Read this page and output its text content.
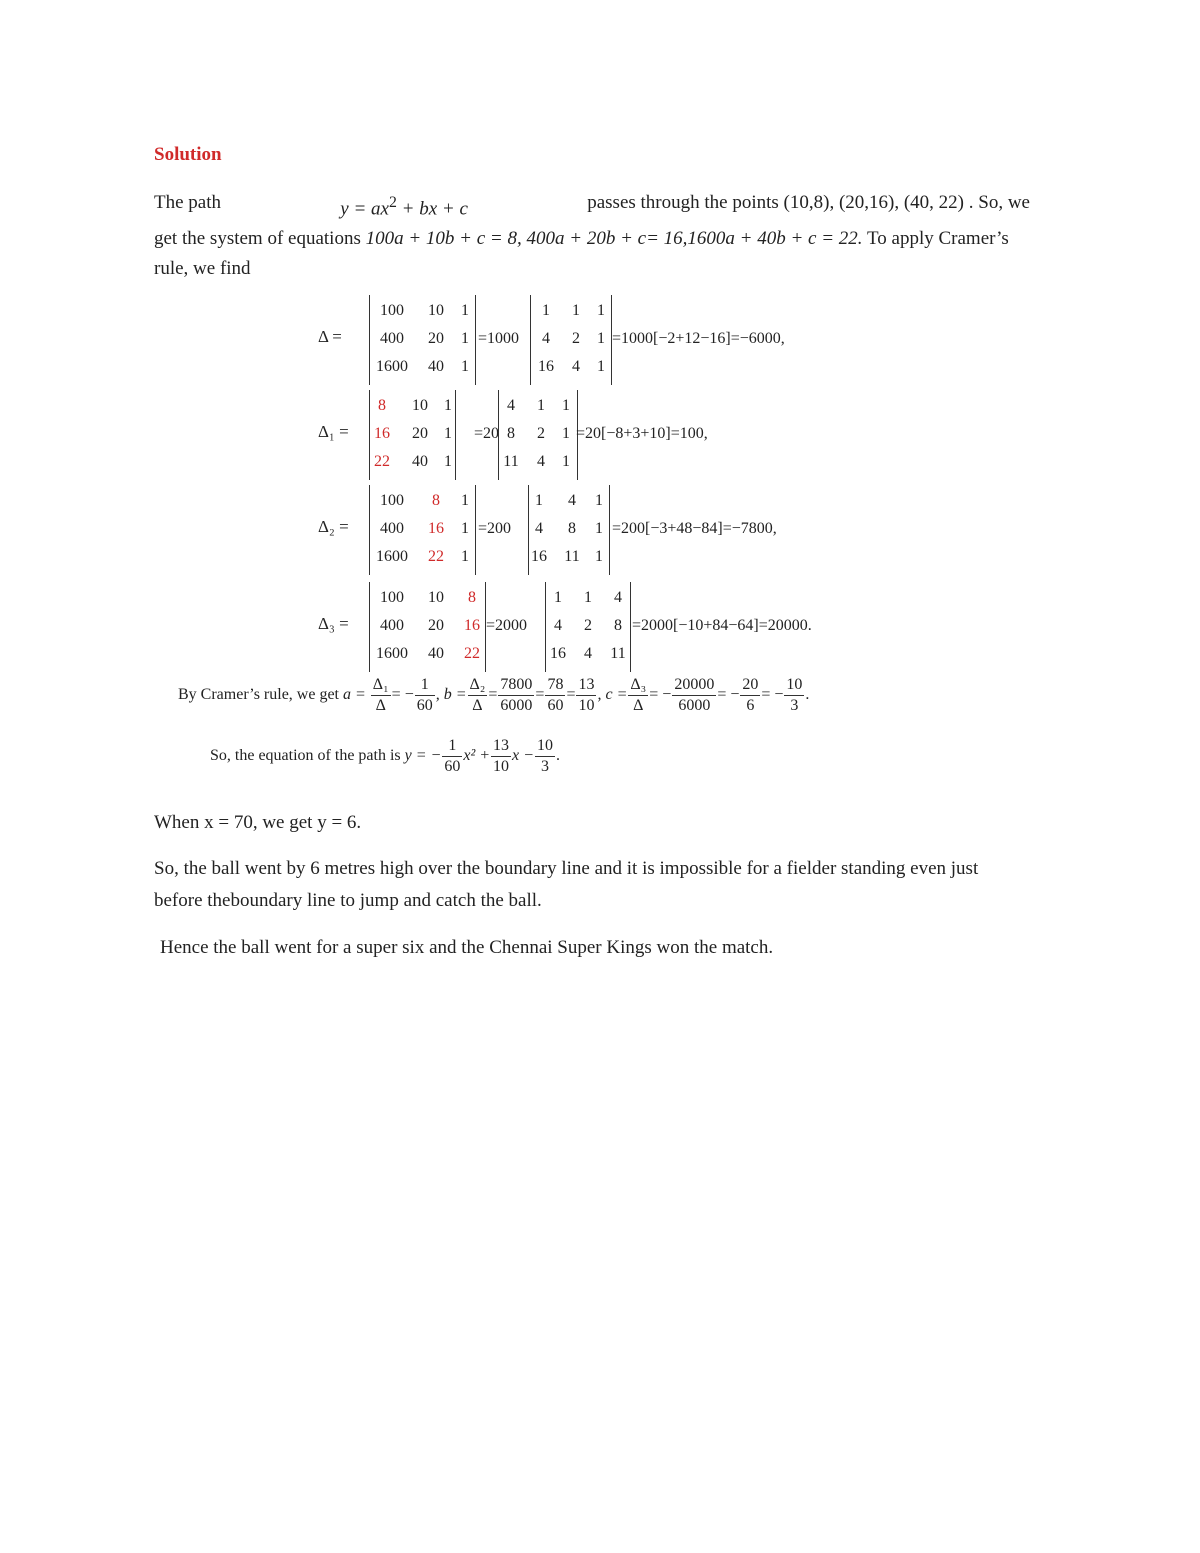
Solution
The path	$y = ax^2$ + bx + c	passes through the points (10,8), (20,16), (40, 22) . So, we
get the system of equations 100a + 10b + c = 8, 400a + 20b + c= 16,1600a + 40b + c = 22. To apply Cramer’s
rule, we find
Δ =
100	10	1
400	20	1
1600	40	1
=1000
1	1	1
4	2	1
16	4	1
=1000[−2+12−16]=−6000,
Δ₁ =
8	10	1
16	20	1
22	40	1
=20
4	1	1
8	2	1
11	4	1
=20[−8+3+10]=100,
Δ₂ =
100	8	1
400	16	1
1600	22	1
=200
1	4	1
4	8	1
16	11 1
=200[−3+48−84]=−7800,
Δ₃ =
100	10	8
400	20	16
1600	40	22
=2000
1	1	4
4	2	8
16	4	11
=2000[−10+84−64]=20000.
By Cramer’s rule, we get $a = \frac{\text{Δ₁}}{\Delta}$ = − $\frac{1}{60}$ , $b = \frac{\text{Δ₂}}{\Delta} = \frac{7800}{6000} = \frac{78}{60} = \frac{13}{10}$ , $c = \frac{\text{Δ₃}}{\Delta}$ = − $\frac{20000}{6000}$ = − $\frac{20}{6}$ = − $\frac{10}{3}$ .
So, the equation of the path is y = − $\frac{1}{60} x^2 + \frac{13}{10}$ $x - \frac{10}{3}$ .
When x = 70, we get y = 6.
So, the ball went by 6 metres high over the boundary line and it is impossible for a fielder standing even just before theboundary line to jump and catch the ball.
Hence the ball went for a super six and the Chennai Super Kings won the match.
